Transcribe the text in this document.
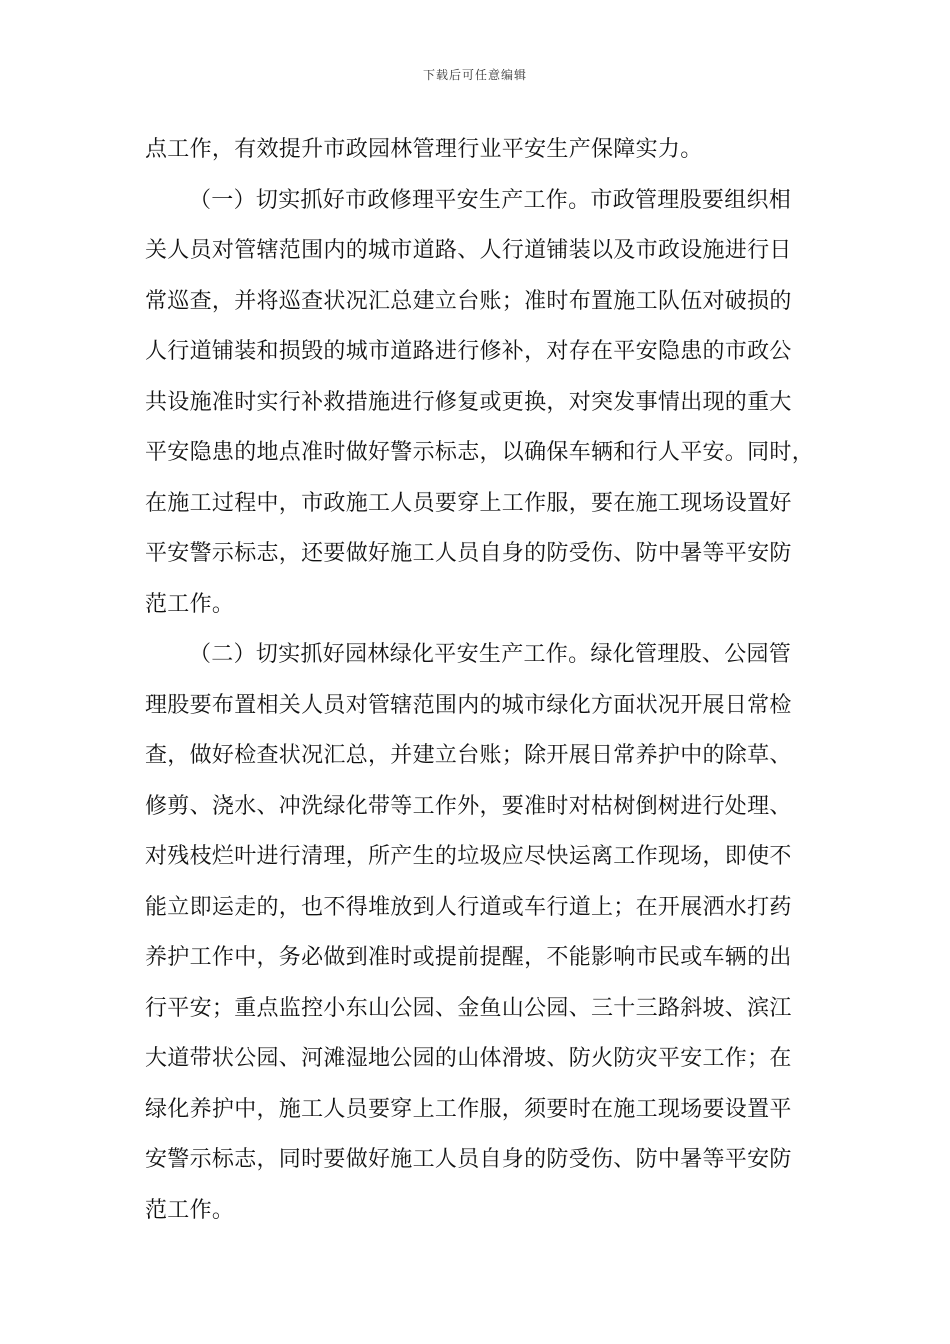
下载后可任意编辑
点工作，有效提升市政园林管理行业平安生产保障实力。
（一）切实抓好市政修理平安生产工作。市政管理股要组织相
关人员对管辖范围内的城市道路、人行道铺装以及市政设施进行日
常巡查，并将巡查状况汇总建立台账；准时布置施工队伍对破损的
人行道铺装和损毁的城市道路进行修补，对存在平安隐患的市政公
共设施准时实行补救措施进行修复或更换，对突发事情出现的重大
平安隐患的地点准时做好警示标志，以确保车辆和行人平安。同时，
在施工过程中，市政施工人员要穿上工作服，要在施工现场设置好
平安警示标志，还要做好施工人员自身的防受伤、防中暑等平安防
范工作。
（二）切实抓好园林绿化平安生产工作。绿化管理股、公园管
理股要布置相关人员对管辖范围内的城市绿化方面状况开展日常检
查，做好检查状况汇总，并建立台账；除开展日常养护中的除草、
修剪、浇水、冲洗绿化带等工作外，要准时对枯树倒树进行处理、
对残枝烂叶进行清理，所产生的垃圾应尽快运离工作现场，即使不
能立即运走的，也不得堆放到人行道或车行道上；在开展洒水打药
养护工作中，务必做到准时或提前提醒，不能影响市民或车辆的出
行平安；重点监控小东山公园、金鱼山公园、三十三路斜坡、滨江
大道带状公园、河滩湿地公园的山体滑坡、防火防灾平安工作；在
绿化养护中，施工人员要穿上工作服，须要时在施工现场要设置平
安警示标志，同时要做好施工人员自身的防受伤、防中暑等平安防
范工作。
